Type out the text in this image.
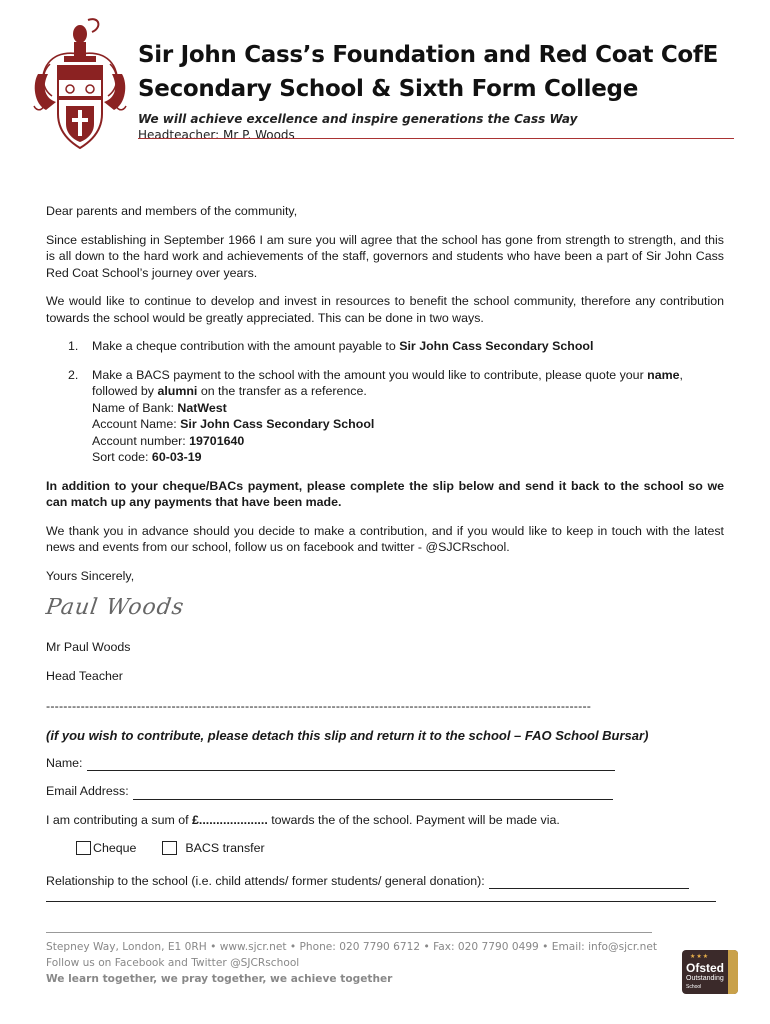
Sir John Cass’s Foundation and Red Coat CofE
Secondary School & Sixth Form College
We will achieve excellence and inspire generations the Cass Way
Headteacher: Mr P. Woods

Dear parents and members of the community,

Since establishing in September 1966 I am sure you will agree that the school has gone from strength to strength, and this is all down to the hard work and achievements of the staff, governors and students who have been a part of Sir John Cass Red Coat School’s journey over years.

We would like to continue to develop and invest in resources to benefit the school community, therefore any contribution towards the school would be greatly appreciated. This can be done in two ways.

1. Make a cheque contribution with the amount payable to Sir John Cass Secondary School
2. Make a BACS payment to the school with the amount you would like to contribute, please quote your name,
followed by alumni on the transfer as a reference.
Name of Bank: NatWest
Account Name: Sir John Cass Secondary School
Account number: 19701640
Sort code: 60-03-19

In addition to your cheque/BACs payment, please complete the slip below and send it back to the school so we can match up any payments that have been made.

We thank you in advance should you decide to make a contribution, and if you would like to keep in touch with the latest news and events from our school, follow us on facebook and twitter - @SJCRschool.

Yours Sincerely,

Paul Woods

Mr Paul Woods

Head Teacher

------------------------------------------------------------------------------------------------------------------------------

(if you wish to contribute, please detach this slip and return it to the school – FAO School Bursar)

Name:
Email Address:
I am contributing a sum of
£....................
towards the of the school. Payment will be made via.
Cheque	BACS transfer
Relationship to the school (i.e. child attends/ former students/ general donation):
Stepney Way, London, E1 0RH • www.sjcr.net • Phone: 020 7790 6712 • Fax: 020 7790 0499 • Email: info@sjcr.net
Follow us on Facebook and Twitter @SJCRschool
We learn together, we pray together, we achieve together
★★★
Ofsted
Outstanding
School
